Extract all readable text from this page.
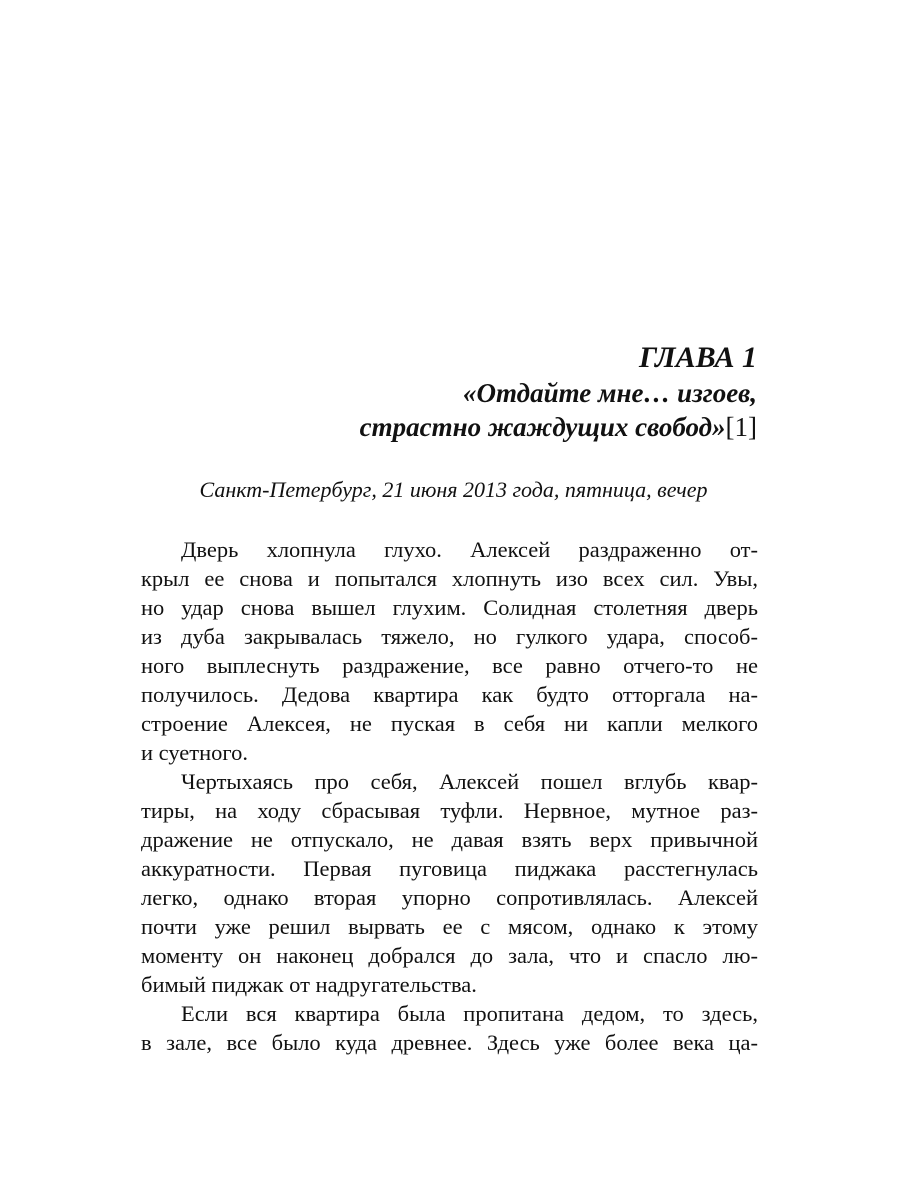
ГЛАВА 1

«Отдайте мне… изгоев,

страстно жаждущих свобод»[1]

Санкт-Петербург, 21 июня 2013 года, пятница, вечер

Дверь хлопнула глухо. Алексей раздраженно от-
крыл ее снова и попытался хлопнуть изо всех сил. Увы,
но удар снова вышел глухим. Солидная столетняя дверь
из дуба закрывалась тяжело, но гулкого удара, способ-
ного выплеснуть раздражение, все равно отчего-то не
получилось. Дедова квартира как будто отторгала на-
строение Алексея, не пуская в себя ни капли мелкого
и суетного.
Чертыхаясь про себя, Алексей пошел вглубь квар-
тиры, на ходу сбрасывая туфли. Нервное, мутное раз-
дражение не отпускало, не давая взять верх привычной
аккуратности. Первая пуговица пиджака расстегнулась
легко, однако вторая упорно сопротивлялась. Алексей
почти уже решил вырвать ее с мясом, однако к этому
моменту он наконец добрался до зала, что и спасло лю-
бимый пиджак от надругательства.
Если вся квартира была пропитана дедом, то здесь,
в зале, все было куда древнее. Здесь уже более века ца-
